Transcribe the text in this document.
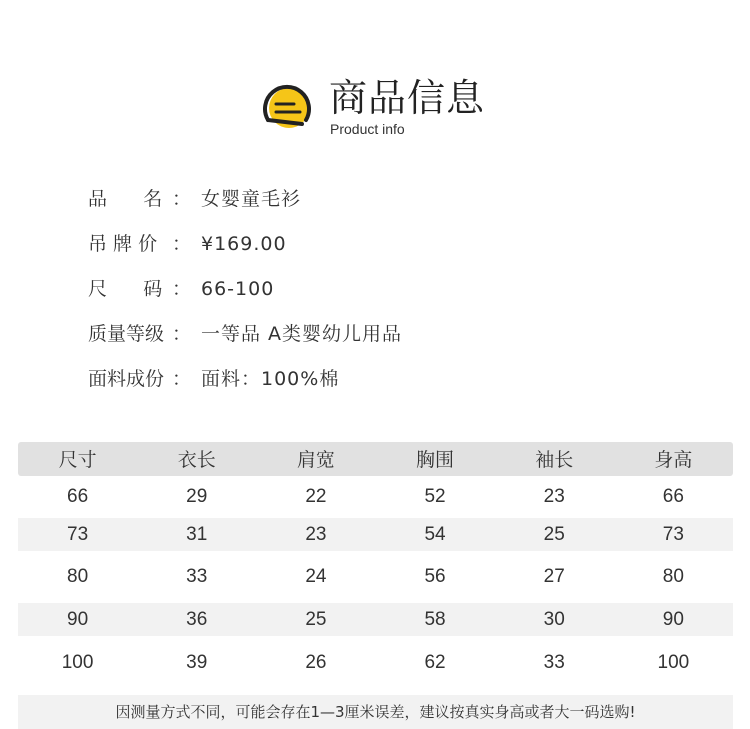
商品信息
Product info
品      名 ： 女婴童毛衫
吊 牌 价 ： ¥169.00
尺      码 ： 66-100
质量等级 ： 一等品 A类婴幼儿用品
面料成份 ： 面料：100%棉
尺寸	衣长	肩宽	胸围	袖长	身高
66	29	22	52	23	66
73	31	23	54	25	73
80	33	24	56	27	80
90	36	25	58	30	90
100	39	26	62	33	100
因测量方式不同，可能会存在1—3厘米误差，建议按真实身高或者大一码选购!
